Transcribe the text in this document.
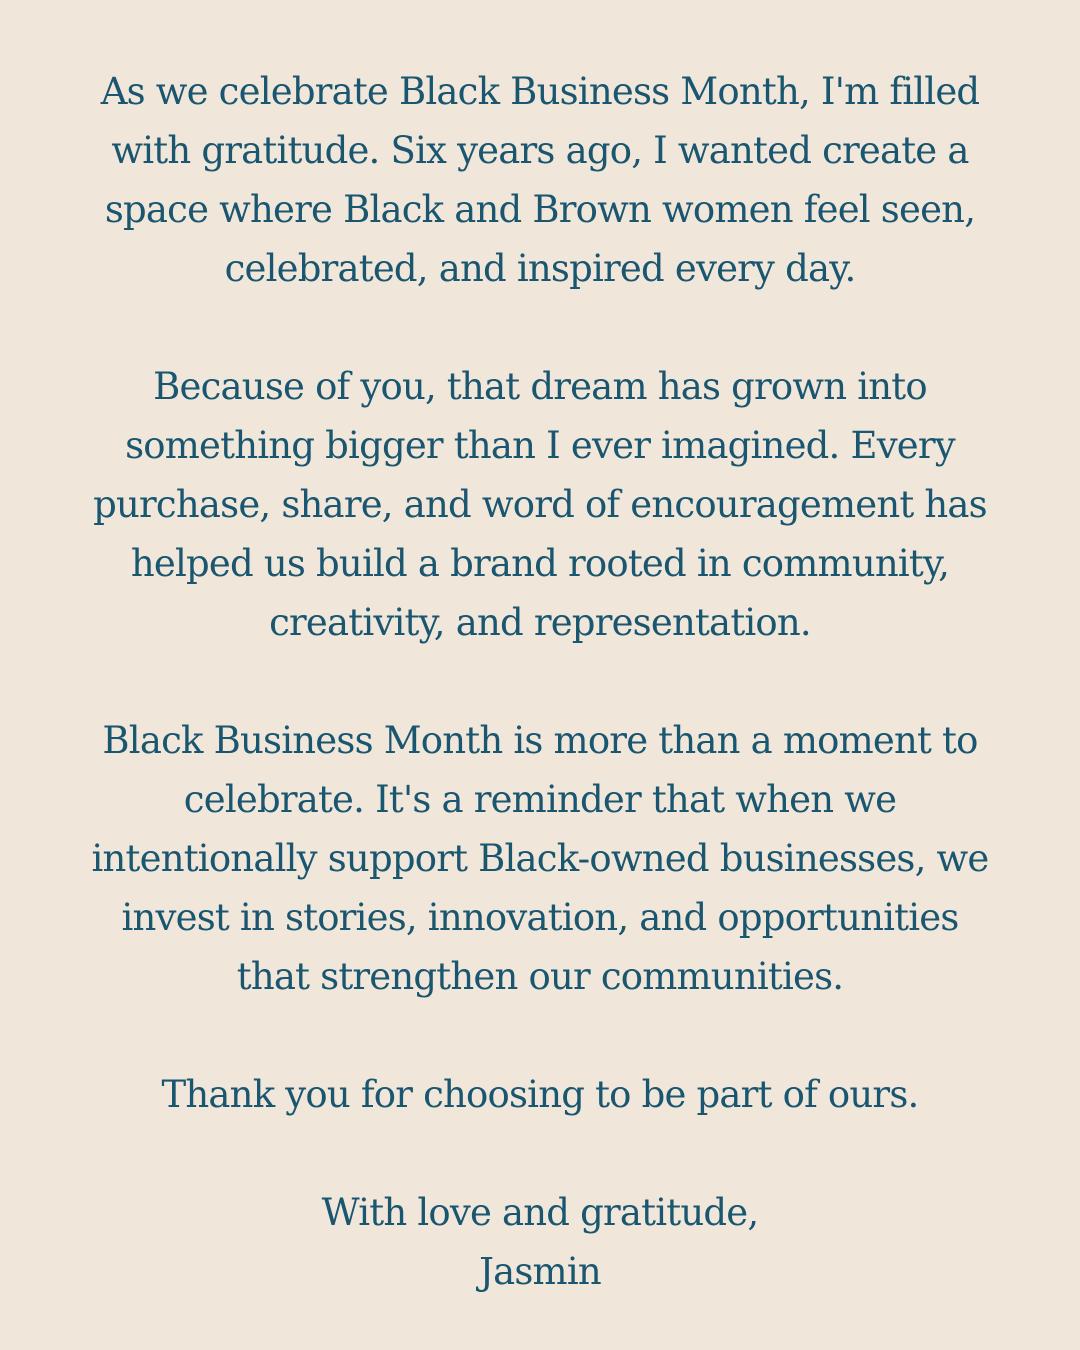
As we celebrate Black Business Month, I'm filled
with gratitude. Six years ago, I wanted create a
space where Black and Brown women feel seen,
celebrated, and inspired every day.
Because of you, that dream has grown into
something bigger than I ever imagined. Every
purchase, share, and word of encouragement has
helped us build a brand rooted in community,
creativity, and representation.
Black Business Month is more than a moment to
celebrate. It's a reminder that when we
intentionally support Black-owned businesses, we
invest in stories, innovation, and opportunities
that strengthen our communities.
Thank you for choosing to be part of ours.
With love and gratitude,
Jasmin
